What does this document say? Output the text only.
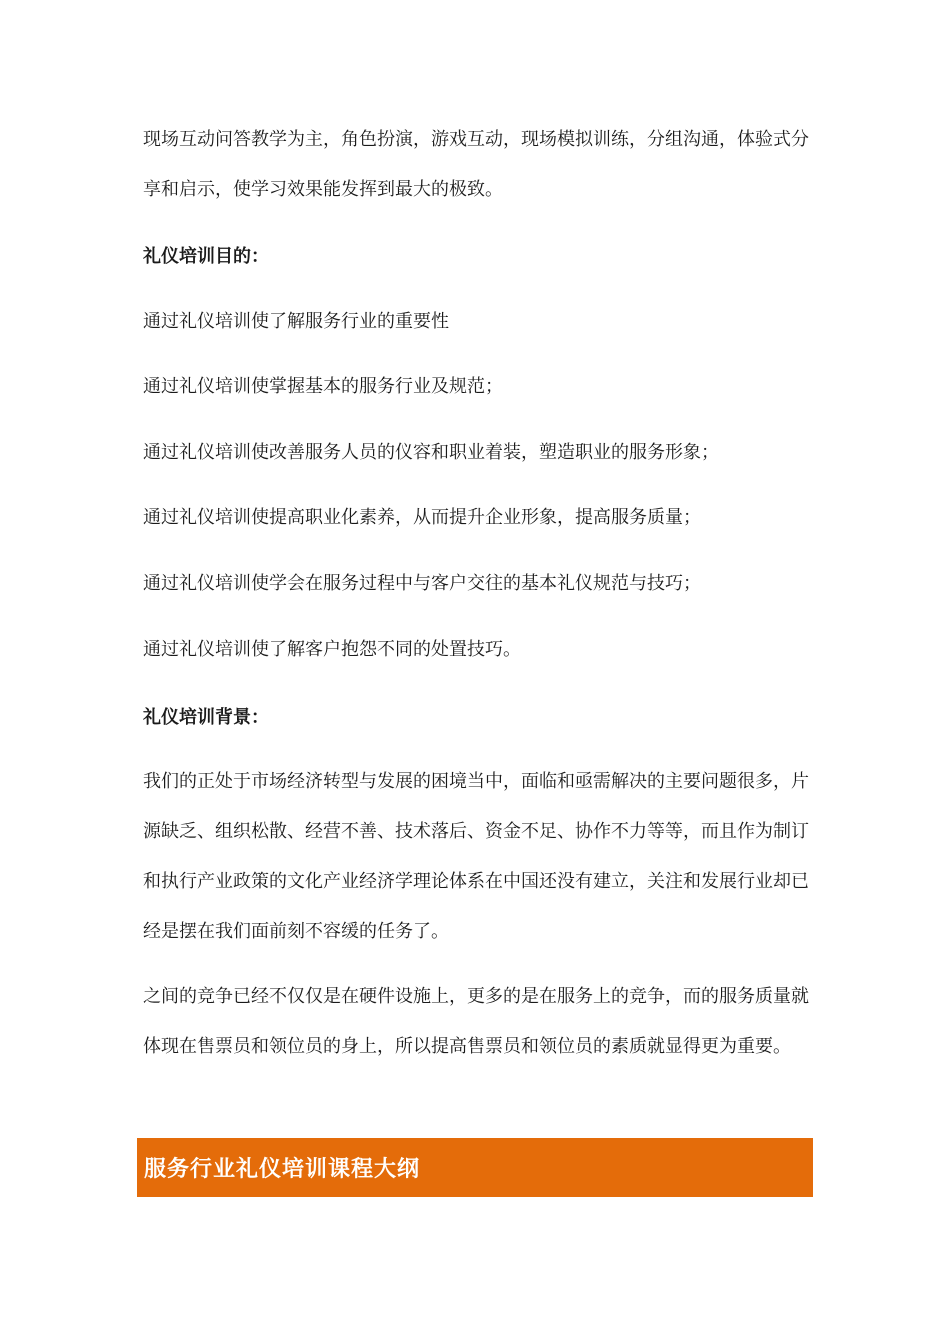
现场互动问答教学为主，角色扮演，游戏互动，现场模拟训练，分组沟通，体验式分享和启示，使学习效果能发挥到最大的极致。

礼仪培训目的：

通过礼仪培训使了解服务行业的重要性

通过礼仪培训使掌握基本的服务行业及规范；

通过礼仪培训使改善服务人员的仪容和职业着装，塑造职业的服务形象；

通过礼仪培训使提高职业化素养，从而提升企业形象，提高服务质量；

通过礼仪培训使学会在服务过程中与客户交往的基本礼仪规范与技巧；

通过礼仪培训使了解客户抱怨不同的处置技巧。

礼仪培训背景：

我们的正处于市场经济转型与发展的困境当中，面临和亟需解决的主要问题很多，片源缺乏、组织松散、经营不善、技术落后、资金不足、协作不力等等，而且作为制订和执行产业政策的文化产业经济学理论体系在中国还没有建立，关注和发展行业却已经是摆在我们面前刻不容缓的任务了。

之间的竞争已经不仅仅是在硬件设施上，更多的是在服务上的竞争，而的服务质量就体现在售票员和领位员的身上，所以提高售票员和领位员的素质就显得更为重要。

服务行业礼仪培训课程大纲
